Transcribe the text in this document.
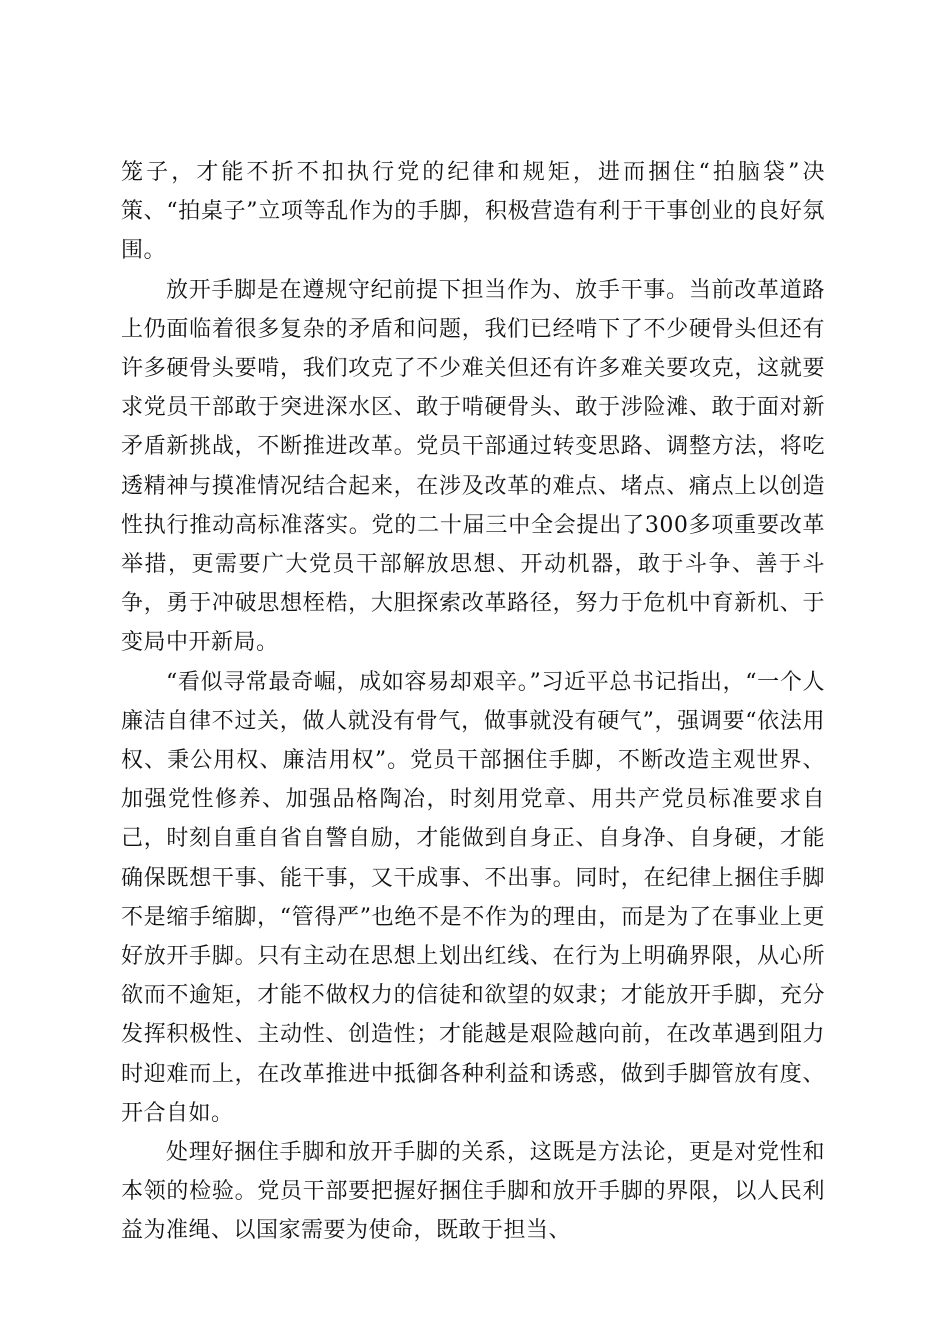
笼子，才能不折不扣执行党的纪律和规矩，进而捆住“拍脑袋”决策、“拍桌子”立项等乱作为的手脚，积极营造有利于干事创业的良好氛围。

放开手脚是在遵规守纪前提下担当作为、放手干事。当前改革道路上仍面临着很多复杂的矛盾和问题，我们已经啃下了不少硬骨头但还有许多硬骨头要啃，我们攻克了不少难关但还有许多难关要攻克，这就要求党员干部敢于突进深水区、敢于啃硬骨头、敢于涉险滩、敢于面对新矛盾新挑战，不断推进改革。党员干部通过转变思路、调整方法，将吃透精神与摸准情况结合起来，在涉及改革的难点、堵点、痛点上以创造性执行推动高标准落实。党的二十届三中全会提出了300多项重要改革举措，更需要广大党员干部解放思想、开动机器，敢于斗争、善于斗争，勇于冲破思想桎梏，大胆探索改革路径，努力于危机中育新机、于变局中开新局。

“看似寻常最奇崛，成如容易却艰辛。”习近平总书记指出，“一个人廉洁自律不过关，做人就没有骨气，做事就没有硬气”，强调要“依法用权、秉公用权、廉洁用权”。党员干部捆住手脚，不断改造主观世界、加强党性修养、加强品格陶冶，时刻用党章、用共产党员标准要求自己，时刻自重自省自警自励，才能做到自身正、自身净、自身硬，才能确保既想干事、能干事，又干成事、不出事。同时，在纪律上捆住手脚不是缩手缩脚，“管得严”也绝不是不作为的理由，而是为了在事业上更好放开手脚。只有主动在思想上划出红线、在行为上明确界限，从心所欲而不逾矩，才能不做权力的信徒和欲望的奴隶；才能放开手脚，充分发挥积极性、主动性、创造性；才能越是艰险越向前，在改革遇到阻力时迎难而上，在改革推进中抵御各种利益和诱惑，做到手脚管放有度、开合自如。

处理好捆住手脚和放开手脚的关系，这既是方法论，更是对党性和本领的检验。党员干部要把握好捆住手脚和放开手脚的界限，以人民利益为准绳、以国家需要为使命，既敢于担当、
